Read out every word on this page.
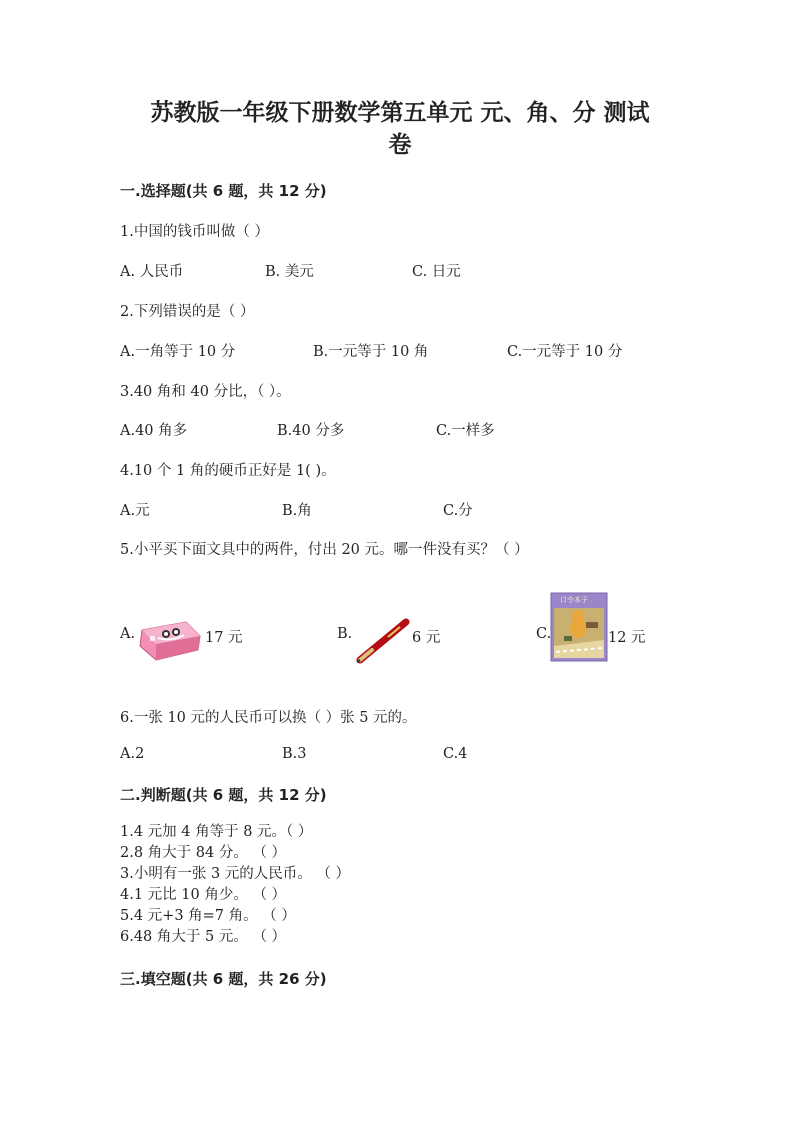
苏教版一年级下册数学第五单元 元、角、分 测试
卷
一.选择题(共 6 题，共 12 分)
1.中国的钱币叫做（ ）
A. 人民币	B. 美元	C. 日元
2.下列错误的是（ ）
A.一角等于 10 分	B.一元等于 10 角	C.一元等于 10 分
3.40 角和 40 分比，（ ）。
A.40 角多	B.40 分多	C.一样多
4.10 个 1 角的硬币正好是 1( )。
A.元	B.角	C.分
5.小平买下面文具中的两件，付出 20 元。哪一件没有买？（ ）
A.	17 元	B.	6 元	C.
口令本子
12 元
6.一张 10 元的人民币可以换（ ）张 5 元的。
A.2	B.3	C.4
二.判断题(共 6 题，共 12 分)
1.4 元加 4 角等于 8 元。（ ）
2.8 角大于 84 分。 （ ）
3.小明有一张 3 元的人民币。 （ ）
4.1 元比 10 角少。 （ ）
5.4 元+3 角=7 角。 （ ）
6.48 角大于 5 元。 （ ）
三.填空题(共 6 题，共 26 分)
